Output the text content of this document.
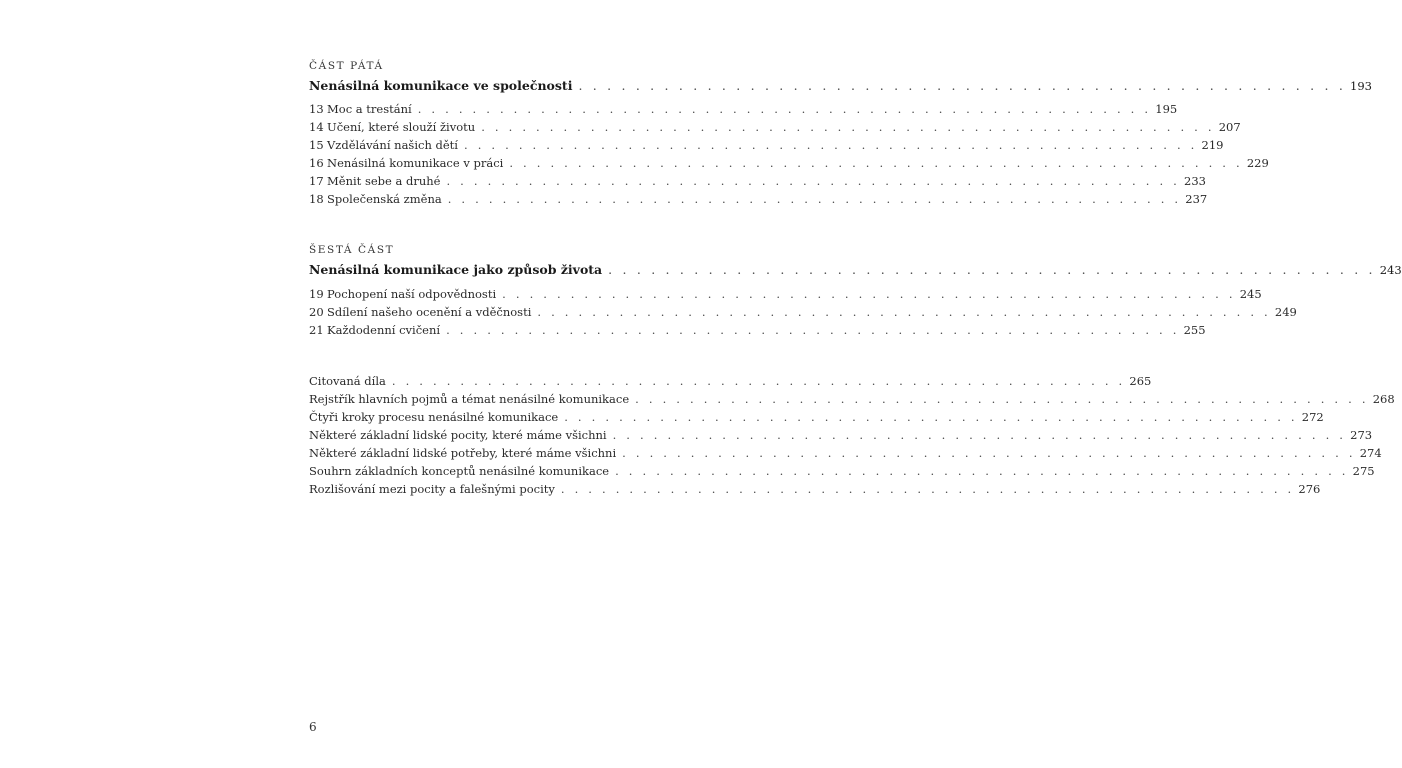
ČÁST PÁTÁ
Nenásilná komunikace ve společnosti . . . . . . . . . . . . . . . . . . . . . . . . . . . . . . . . . . . . . . . . . . . . . . . . . . . . . . 193
13 Moc a trestání . . . . . . . . . . . . . . . . . . . . . . . . . . . . . . . . . . . . . . . . . . . . . . . . . . . . . . 195
14 Učení, které slouží životu . . . . . . . . . . . . . . . . . . . . . . . . . . . . . . . . . . . . . . . . . . . . . . . . . . . . . . 207
15 Vzdělávání našich dětí . . . . . . . . . . . . . . . . . . . . . . . . . . . . . . . . . . . . . . . . . . . . . . . . . . . . . . 219
16 Nenásilná komunikace v práci . . . . . . . . . . . . . . . . . . . . . . . . . . . . . . . . . . . . . . . . . . . . . . . . . . . . . . 229
17 Měnit sebe a druhé . . . . . . . . . . . . . . . . . . . . . . . . . . . . . . . . . . . . . . . . . . . . . . . . . . . . . . 233
18 Společenská změna . . . . . . . . . . . . . . . . . . . . . . . . . . . . . . . . . . . . . . . . . . . . . . . . . . . . . . 237
ŠESTÁ ČÁST
Nenásilná komunikace jako způsob života . . . . . . . . . . . . . . . . . . . . . . . . . . . . . . . . . . . . . . . . . . . . . . . . . . . . . . 243
19 Pochopení naší odpovědnosti . . . . . . . . . . . . . . . . . . . . . . . . . . . . . . . . . . . . . . . . . . . . . . . . . . . . . . 245
20 Sdílení našeho ocenění a vděčnosti . . . . . . . . . . . . . . . . . . . . . . . . . . . . . . . . . . . . . . . . . . . . . . . . . . . . . . 249
21 Každodenní cvičení . . . . . . . . . . . . . . . . . . . . . . . . . . . . . . . . . . . . . . . . . . . . . . . . . . . . . . 255
Citovaná díla . . . . . . . . . . . . . . . . . . . . . . . . . . . . . . . . . . . . . . . . . . . . . . . . . . . . . . 265
Rejstřík hlavních pojmů a témat nenásilné komunikace . . . . . . . . . . . . . . . . . . . . . . . . . . . . . . . . . . . . . . . . . . . . . . . . . . . . . . 268
Čtyři kroky procesu nenásilné komunikace . . . . . . . . . . . . . . . . . . . . . . . . . . . . . . . . . . . . . . . . . . . . . . . . . . . . . . 272
Některé základní lidské pocity, které máme všichni . . . . . . . . . . . . . . . . . . . . . . . . . . . . . . . . . . . . . . . . . . . . . . . . . . . . . . 273
Některé základní lidské potřeby, které máme všichni . . . . . . . . . . . . . . . . . . . . . . . . . . . . . . . . . . . . . . . . . . . . . . . . . . . . . . 274
Souhrn základních konceptů nenásilné komunikace . . . . . . . . . . . . . . . . . . . . . . . . . . . . . . . . . . . . . . . . . . . . . . . . . . . . . . 275
Rozlišování mezi pocity a falešnými pocity . . . . . . . . . . . . . . . . . . . . . . . . . . . . . . . . . . . . . . . . . . . . . . . . . . . . . . 276
6
